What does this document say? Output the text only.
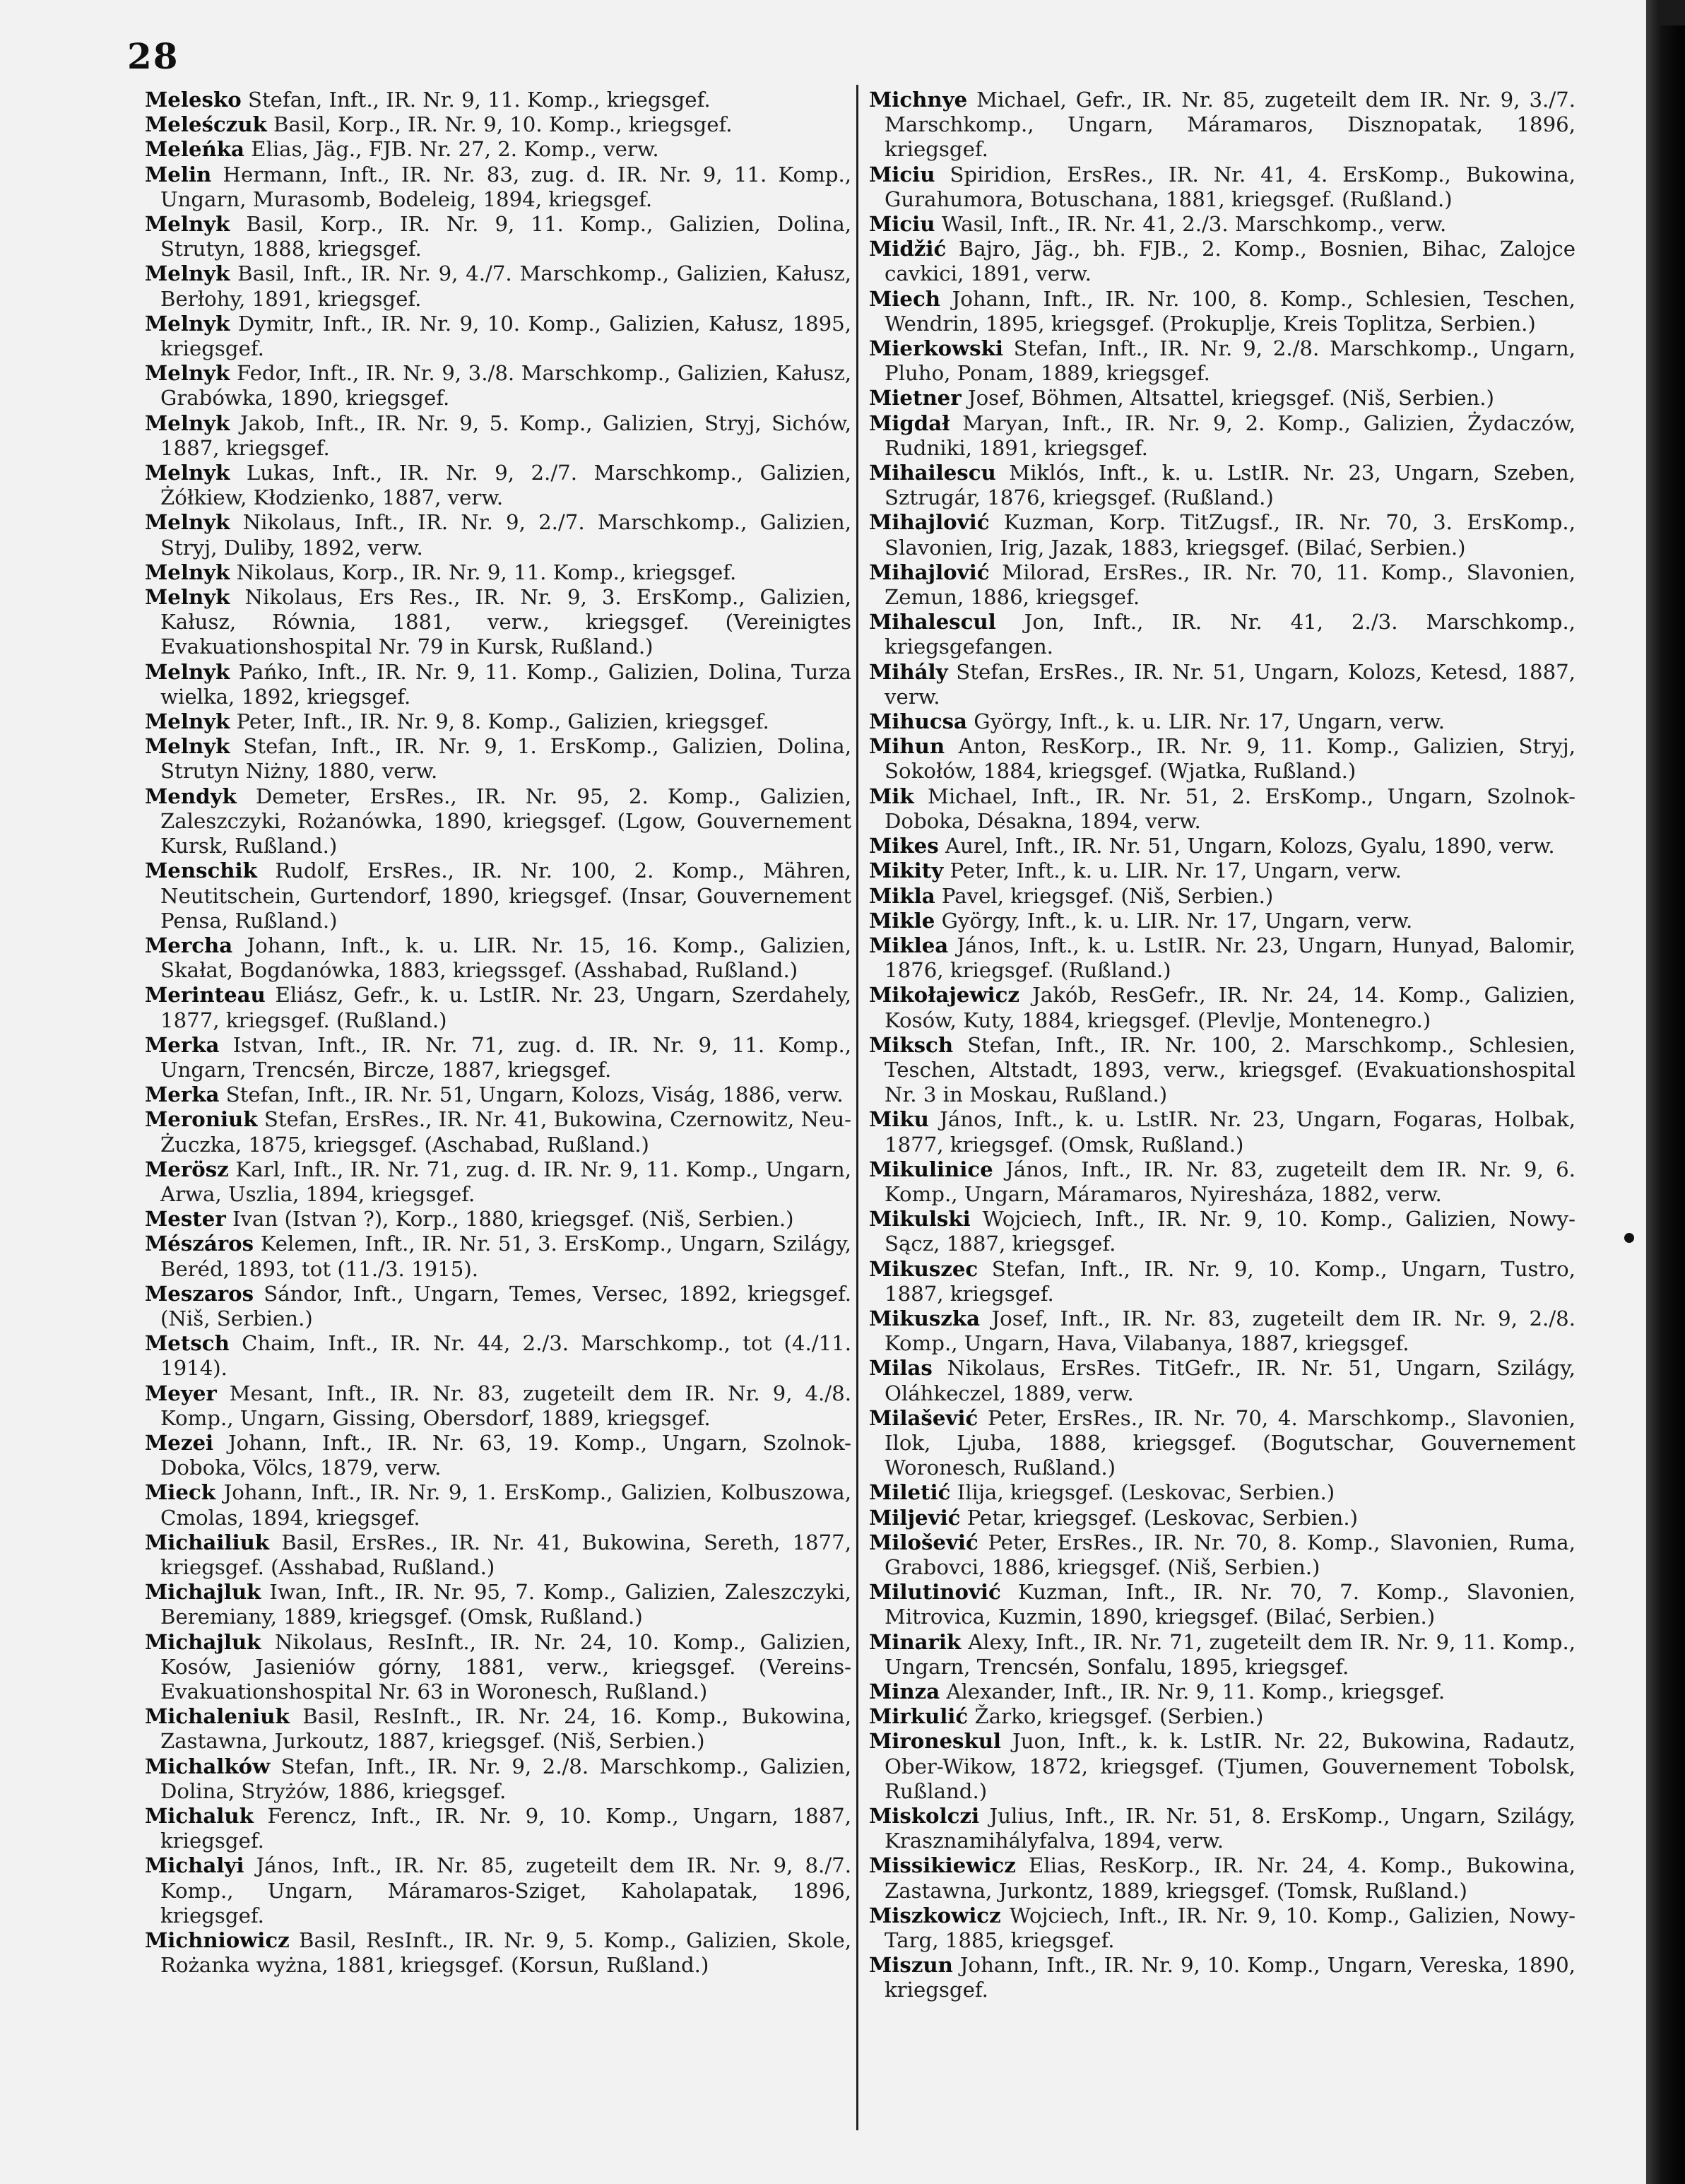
28

Melesko Stefan, Inft., IR. Nr. 9, 11. Komp., kriegsgef.

Meleśczuk Basil, Korp., IR. Nr. 9, 10. Komp., kriegsgef.

Meleńka Elias, Jäg., FJB. Nr. 27, 2. Komp., verw.

Melin Hermann, Inft., IR. Nr. 83, zug. d. IR. Nr. 9, 11. Komp., Ungarn, Murasomb, Bodeleig, 1894, kriegsgef.

Melnyk Basil, Korp., IR. Nr. 9, 11. Komp., Galizien, Dolina, Strutyn, 1888, kriegsgef.

Melnyk Basil, Inft., IR. Nr. 9, 4./7. Marschkomp., Galizien, Kałusz, Berłohy, 1891, kriegsgef.

Melnyk Dymitr, Inft., IR. Nr. 9, 10. Komp., Galizien, Kałusz, 1895, kriegsgef.

Melnyk Fedor, Inft., IR. Nr. 9, 3./8. Marschkomp., Galizien, Kałusz, Grabówka, 1890, kriegsgef.

Melnyk Jakob, Inft., IR. Nr. 9, 5. Komp., Galizien, Stryj, Sichów, 1887, kriegsgef.

Melnyk Lukas, Inft., IR. Nr. 9, 2./7. Marschkomp., Galizien, Żółkiew, Kłodzienko, 1887, verw.

Melnyk Nikolaus, Inft., IR. Nr. 9, 2./7. Marschkomp., Galizien, Stryj, Duliby, 1892, verw.

Melnyk Nikolaus, Korp., IR. Nr. 9, 11. Komp., kriegsgef.

Melnyk Nikolaus, Ers Res., IR. Nr. 9, 3. ErsKomp., Galizien, Kałusz, Równia, 1881, verw., kriegsgef. (Vereinigtes Evakuationshospital Nr. 79 in Kursk, Rußland.)

Melnyk Pańko, Inft., IR. Nr. 9, 11. Komp., Galizien, Dolina, Turza wielka, 1892, kriegsgef.

Melnyk Peter, Inft., IR. Nr. 9, 8. Komp., Galizien, kriegsgef.

Melnyk Stefan, Inft., IR. Nr. 9, 1. ErsKomp., Galizien, Dolina, Strutyn Niżny, 1880, verw.

Mendyk Demeter, ErsRes., IR. Nr. 95, 2. Komp., Galizien, Zaleszczyki, Rożanówka, 1890, kriegsgef. (Lgow, Gouvernement Kursk, Rußland.)

Menschik Rudolf, ErsRes., IR. Nr. 100, 2. Komp., Mähren, Neutitschein, Gurtendorf, 1890, kriegsgef. (Insar, Gouvernement Pensa, Rußland.)

Mercha Johann, Inft., k. u. LIR. Nr. 15, 16. Komp., Galizien, Skałat, Bogdanówka, 1883, kriegssgef. (Asshabad, Rußland.)

Merinteau Eliász, Gefr., k. u. LstIR. Nr. 23, Ungarn, Szerdahely, 1877, kriegsgef. (Rußland.)

Merka Istvan, Inft., IR. Nr. 71, zug. d. IR. Nr. 9, 11. Komp., Ungarn, Trencsén, Bircze, 1887, kriegsgef.

Merka Stefan, Inft., IR. Nr. 51, Ungarn, Kolozs, Viság, 1886, verw.

Meroniuk Stefan, ErsRes., IR. Nr. 41, Bukowina, Czernowitz, Neu-Żuczka, 1875, kriegsgef. (Aschabad, Rußland.)

Merösz Karl, Inft., IR. Nr. 71, zug. d. IR. Nr. 9, 11. Komp., Ungarn, Arwa, Uszlia, 1894, kriegsgef.

Mester Ivan (Istvan ?), Korp., 1880, kriegsgef. (Niš, Serbien.)

Mészáros Kelemen, Inft., IR. Nr. 51, 3. ErsKomp., Ungarn, Szilágy, Beréd, 1893, tot (11./3. 1915).

Meszaros Sándor, Inft., Ungarn, Temes, Versec, 1892, kriegsgef. (Niš, Serbien.)

Metsch Chaim, Inft., IR. Nr. 44, 2./3. Marschkomp., tot (4./11. 1914).

Meyer Mesant, Inft., IR. Nr. 83, zugeteilt dem IR. Nr. 9, 4./8. Komp., Ungarn, Gissing, Obersdorf, 1889, kriegsgef.

Mezei Johann, Inft., IR. Nr. 63, 19. Komp., Ungarn, Szolnok-Doboka, Völcs, 1879, verw.

Mieck Johann, Inft., IR. Nr. 9, 1. ErsKomp., Galizien, Kolbuszowa, Cmolas, 1894, kriegsgef.

Michailiuk Basil, ErsRes., IR. Nr. 41, Bukowina, Sereth, 1877, kriegsgef. (Asshabad, Rußland.)

Michajluk Iwan, Inft., IR. Nr. 95, 7. Komp., Galizien, Zaleszczyki, Beremiany, 1889, kriegsgef. (Omsk, Rußland.)

Michajluk Nikolaus, ResInft., IR. Nr. 24, 10. Komp., Galizien, Kosów, Jasieniów górny, 1881, verw., kriegsgef. (Vereins-Evakuationshospital Nr. 63 in Woronesch, Rußland.)

Michaleniuk Basil, ResInft., IR. Nr. 24, 16. Komp., Bukowina, Zastawna, Jurkoutz, 1887, kriegsgef. (Niš, Serbien.)

Michalków Stefan, Inft., IR. Nr. 9, 2./8. Marschkomp., Galizien, Dolina, Stryżów, 1886, kriegsgef.

Michaluk Ferencz, Inft., IR. Nr. 9, 10. Komp., Ungarn, 1887, kriegsgef.

Michalyi János, Inft., IR. Nr. 85, zugeteilt dem IR. Nr. 9, 8./7. Komp., Ungarn, Máramaros-Sziget, Kaholapatak, 1896, kriegsgef.

Michniowicz Basil, ResInft., IR. Nr. 9, 5. Komp., Galizien, Skole, Rożanka wyżna, 1881, kriegsgef. (Korsun, Rußland.)

Michnye Michael, Gefr., IR. Nr. 85, zugeteilt dem IR. Nr. 9, 3./7. Marschkomp., Ungarn, Máramaros, Disznopatak, 1896, kriegsgef.

Miciu Spiridion, ErsRes., IR. Nr. 41, 4. ErsKomp., Bukowina, Gurahumora, Botuschana, 1881, kriegsgef. (Rußland.)

Miciu Wasil, Inft., IR. Nr. 41, 2./3. Marschkomp., verw.

Midžić Bajro, Jäg., bh. FJB., 2. Komp., Bosnien, Bihac, Zalojce cavkici, 1891, verw.

Miech Johann, Inft., IR. Nr. 100, 8. Komp., Schlesien, Teschen, Wendrin, 1895, kriegsgef. (Prokuplje, Kreis Toplitza, Serbien.)

Mierkowski Stefan, Inft., IR. Nr. 9, 2./8. Marschkomp., Ungarn, Pluho, Ponam, 1889, kriegsgef.

Mietner Josef, Böhmen, Altsattel, kriegsgef. (Niš, Serbien.)

Migdał Maryan, Inft., IR. Nr. 9, 2. Komp., Galizien, Żydaczów, Rudniki, 1891, kriegsgef.

Mihailescu Miklós, Inft., k. u. LstIR. Nr. 23, Ungarn, Szeben, Sztrugár, 1876, kriegsgef. (Rußland.)

Mihajlović Kuzman, Korp. TitZugsf., IR. Nr. 70, 3. ErsKomp., Slavonien, Irig, Jazak, 1883, kriegsgef. (Bilać, Serbien.)

Mihajlović Milorad, ErsRes., IR. Nr. 70, 11. Komp., Slavonien, Zemun, 1886, kriegsgef.

Mihalescul Jon, Inft., IR. Nr. 41, 2./3. Marschkomp., kriegsgefangen.

Mihály Stefan, ErsRes., IR. Nr. 51, Ungarn, Kolozs, Ketesd, 1887, verw.

Mihucsa György, Inft., k. u. LIR. Nr. 17, Ungarn, verw.

Mihun Anton, ResKorp., IR. Nr. 9, 11. Komp., Galizien, Stryj, Sokołów, 1884, kriegsgef. (Wjatka, Rußland.)

Mik Michael, Inft., IR. Nr. 51, 2. ErsKomp., Ungarn, Szolnok-Doboka, Désakna, 1894, verw.

Mikes Aurel, Inft., IR. Nr. 51, Ungarn, Kolozs, Gyalu, 1890, verw.

Mikity Peter, Inft., k. u. LIR. Nr. 17, Ungarn, verw.

Mikla Pavel, kriegsgef. (Niš, Serbien.)

Mikle György, Inft., k. u. LIR. Nr. 17, Ungarn, verw.

Miklea János, Inft., k. u. LstIR. Nr. 23, Ungarn, Hunyad, Balomir, 1876, kriegsgef. (Rußland.)

Mikołajewicz Jakób, ResGefr., IR. Nr. 24, 14. Komp., Galizien, Kosów, Kuty, 1884, kriegsgef. (Plevlje, Montenegro.)

Miksch Stefan, Inft., IR. Nr. 100, 2. Marschkomp., Schlesien, Teschen, Altstadt, 1893, verw., kriegsgef. (Evakuationshospital Nr. 3 in Moskau, Rußland.)

Miku János, Inft., k. u. LstIR. Nr. 23, Ungarn, Fogaras, Holbak, 1877, kriegsgef. (Omsk, Rußland.)

Mikulinice János, Inft., IR. Nr. 83, zugeteilt dem IR. Nr. 9, 6. Komp., Ungarn, Máramaros, Nyiresháza, 1882, verw.

Mikulski Wojciech, Inft., IR. Nr. 9, 10. Komp., Galizien, Nowy-Sącz, 1887, kriegsgef.

Mikuszec Stefan, Inft., IR. Nr. 9, 10. Komp., Ungarn, Tustro, 1887, kriegsgef.

Mikuszka Josef, Inft., IR. Nr. 83, zugeteilt dem IR. Nr. 9, 2./8. Komp., Ungarn, Hava, Vilabanya, 1887, kriegsgef.

Milas Nikolaus, ErsRes. TitGefr., IR. Nr. 51, Ungarn, Szilágy, Oláhkeczel, 1889, verw.

Milašević Peter, ErsRes., IR. Nr. 70, 4. Marschkomp., Slavonien, Ilok, Ljuba, 1888, kriegsgef. (Bogutschar, Gouvernement Woronesch, Rußland.)

Miletić Ilija, kriegsgef. (Leskovac, Serbien.)

Miljević Petar, kriegsgef. (Leskovac, Serbien.)

Milošević Peter, ErsRes., IR. Nr. 70, 8. Komp., Slavonien, Ruma, Grabovci, 1886, kriegsgef. (Niš, Serbien.)

Milutinović Kuzman, Inft., IR. Nr. 70, 7. Komp., Slavonien, Mitrovica, Kuzmin, 1890, kriegsgef. (Bilać, Serbien.)

Minarik Alexy, Inft., IR. Nr. 71, zugeteilt dem IR. Nr. 9, 11. Komp., Ungarn, Trencsén, Sonfalu, 1895, kriegsgef.

Minza Alexander, Inft., IR. Nr. 9, 11. Komp., kriegsgef.

Mirkulić Žarko, kriegsgef. (Serbien.)

Mironeskul Juon, Inft., k. k. LstIR. Nr. 22, Bukowina, Radautz, Ober-Wikow, 1872, kriegsgef. (Tjumen, Gouvernement Tobolsk, Rußland.)

Miskolczi Julius, Inft., IR. Nr. 51, 8. ErsKomp., Ungarn, Szilágy, Krasznamihályfalva, 1894, verw.

Missikiewicz Elias, ResKorp., IR. Nr. 24, 4. Komp., Bukowina, Zastawna, Jurkontz, 1889, kriegsgef. (Tomsk, Rußland.)

Miszkowicz Wojciech, Inft., IR. Nr. 9, 10. Komp., Galizien, Nowy-Targ, 1885, kriegsgef.

Miszun Johann, Inft., IR. Nr. 9, 10. Komp., Ungarn, Vereska, 1890, kriegsgef.
